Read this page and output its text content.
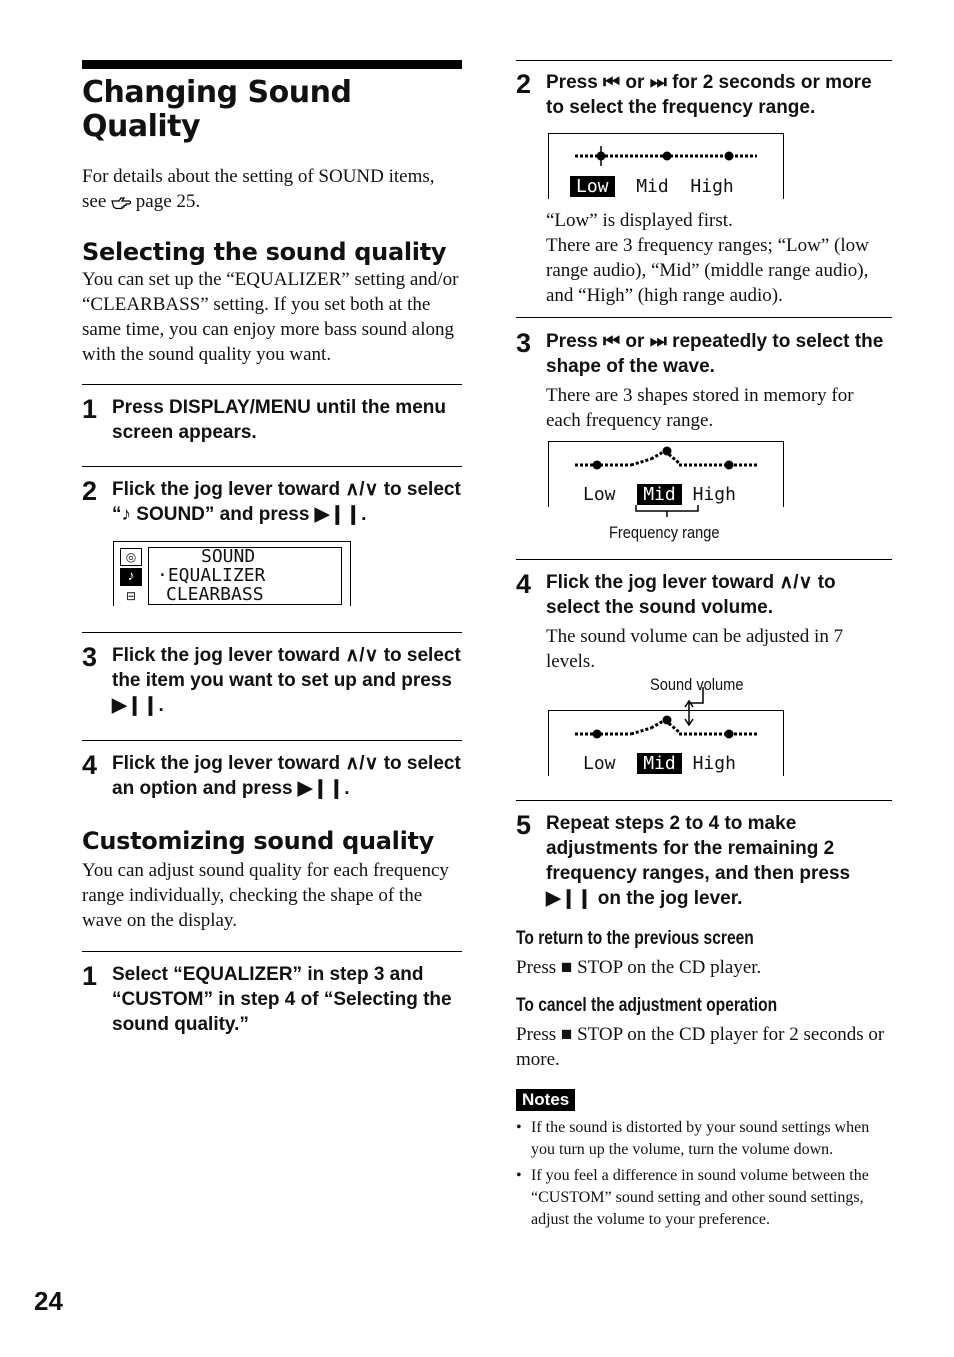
Changing Sound Quality

For details about the setting of SOUND items, see page 25.

Selecting the sound quality

You can set up the “EQUALIZER” setting and/or “CLEARBASS” setting. If you set both at the same time, you can enjoy more bass sound along with the sound quality you want.

1 Press DISPLAY/MENU until the menu screen appears.
2 Flick the jog lever toward ∧/∨ to select “♪ SOUND” and press ▶❙❙.
◎
♪
⊟
SOUND
·EQUALIZER
CLEARBASS
3 Flick the jog lever toward ∧/∨ to select the item you want to set up and press ▶❙❙.
4 Flick the jog lever toward ∧/∨ to select an option and press ▶❙❙.
Customizing sound quality

You can adjust sound quality for each frequency range individually, checking the shape of the wave on the display.

1 Select “EQUALIZER” in step 3 and “CUSTOM” in step 4 of “Selecting the sound quality.”
2 Press ⏮ or ⏭ for 2 seconds or more to select the frequency range.
Low Mid High

“Low” is displayed first.
There are 3 frequency ranges; “Low” (low range audio), “Mid” (middle range audio), and “High” (high range audio).

3 Press ⏮ or ⏭ repeatedly to select the shape of the wave.

There are 3 shapes stored in memory for each frequency range.

Low Mid High
Frequency range
4 Flick the jog lever toward ∧/∨ to select the sound volume.

The sound volume can be adjusted in 7 levels.

Sound volume
Low Mid High
5 Repeat steps 2 to 4 to make adjustments for the remaining 2 frequency ranges, and then press ▶❙❙ on the jog lever.
To return to the previous screen

Press ■ STOP on the CD player.

To cancel the adjustment operation

Press ■ STOP on the CD player for 2 seconds or more.

Notes
• If the sound is distorted by your sound settings when you turn up the volume, turn the volume down.
• If you feel a difference in sound volume between the “CUSTOM” sound setting and other sound settings, adjust the volume to your preference.
24
